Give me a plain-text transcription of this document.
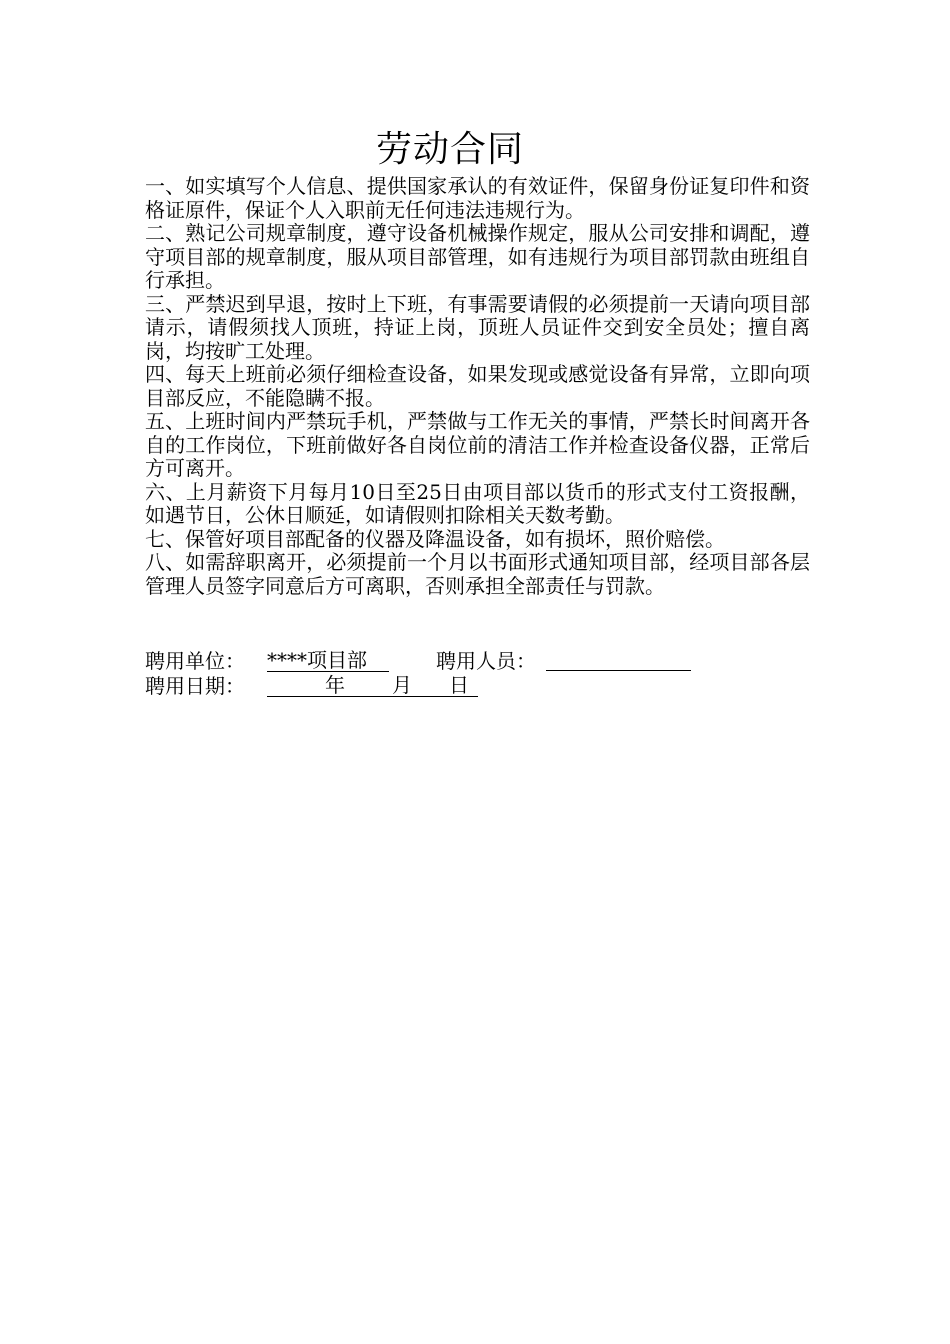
劳动合同

一、如实填写个人信息、提供国家承认的有效证件，保留身份证复印件和资格证原件，保证个人入职前无任何违法违规行为。

二、熟记公司规章制度，遵守设备机械操作规定，服从公司安排和调配，遵守项目部的规章制度，服从项目部管理，如有违规行为项目部罚款由班组自行承担。

三、严禁迟到早退，按时上下班，有事需要请假的必须提前一天请向项目部请示，请假须找人顶班，持证上岗，顶班人员证件交到安全员处；擅自离岗，均按旷工处理。

四、每天上班前必须仔细检查设备，如果发现或感觉设备有异常，立即向项目部反应，不能隐瞒不报。

五、上班时间内严禁玩手机，严禁做与工作无关的事情，严禁长时间离开各自的工作岗位，下班前做好各自岗位前的清洁工作并检查设备仪器，正常后方可离开。

六、上月薪资下月每月10日至25日由项目部以货币的形式支付工资报酬，如遇节日，公休日顺延，如请假则扣除相关天数考勤。

七、保管好项目部配备的仪器及降温设备，如有损坏，照价赔偿。

八、如需辞职离开，必须提前一个月以书面形式通知项目部，经项目部各层管理人员签字同意后方可离职，否则承担全部责任与罚款。

聘用单位： ****项目部	聘用人员：
聘用日期：	年 月 日
